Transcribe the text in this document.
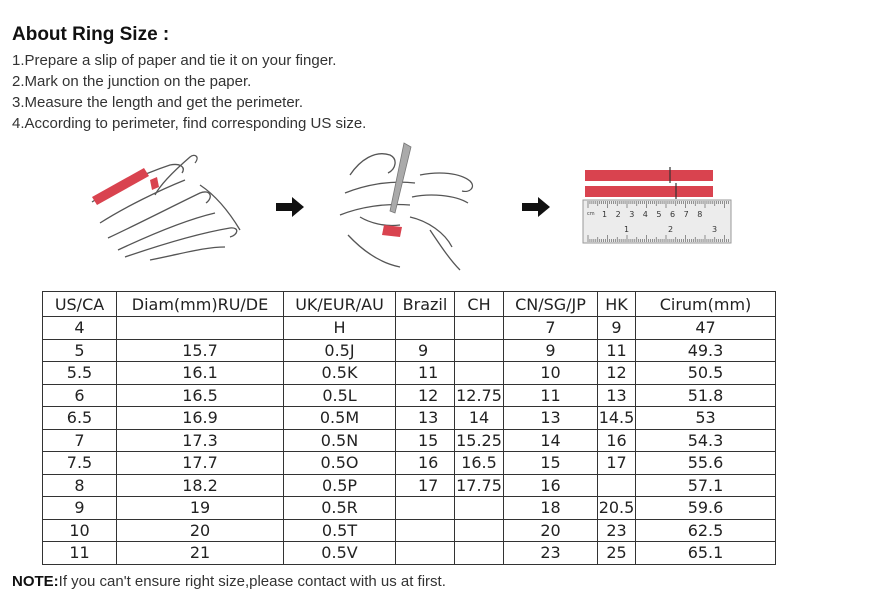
About Ring Size :
1.Prepare a slip of paper and tie it on your finger.
2.Mark on the junction on the paper.
3.Measure the length and get the perimeter.
4.According to perimeter, find corresponding US size.
cm 1 2 3 4 5 6 7 8
1	2	3
US/CA	Diam(mm)RU/DE	UK/EUR/AU	Brazil	CH	CN/SG/JP	HK	Cirum(mm)
4		H			7	9	47
5	15.7	0.5J	9		9	11	49.3
5.5	16.1	0.5K	11		10	12	50.5
6	16.5	0.5L	12	12.75	11	13	51.8
6.5	16.9	0.5M	13	14	13	14.5	53
7	17.3	0.5N	15	15.25	14	16	54.3
7.5	17.7	0.5O	16	16.5	15	17	55.6
8	18.2	0.5P	17	17.75	16		57.1
9	19	0.5R			18	20.5	59.6
10	20	0.5T			20	23	62.5
11	21	0.5V			23	25	65.1
NOTE:If you can't ensure right size,please contact with us at first.
